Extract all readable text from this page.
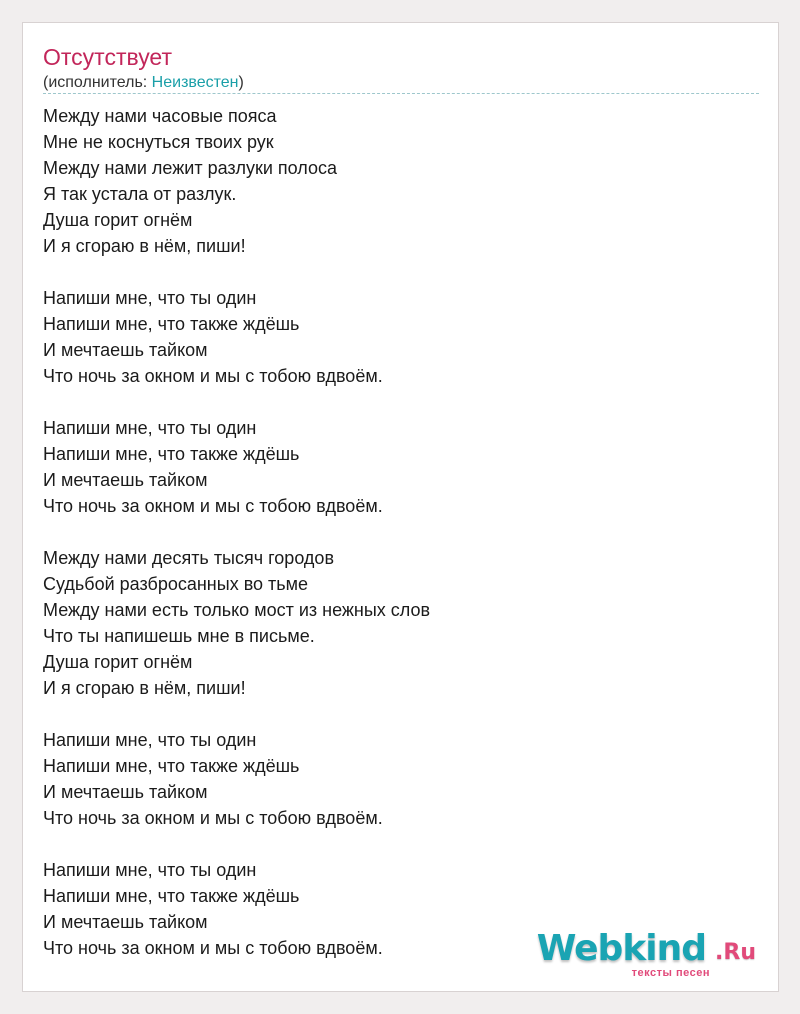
Отсутствует
(исполнитель: Неизвестен)
Между нами часовые пояса
Мне не коснуться твоих рук
Между нами лежит разлуки полоса
Я так устала от разлук.
Душа горит огнём
И я сгораю в нём, пиши!
Напиши мне, что ты один
Напиши мне, что также ждёшь
И мечтаешь тайком
Что ночь за окном и мы с тобою вдвоём.
Напиши мне, что ты один
Напиши мне, что также ждёшь
И мечтаешь тайком
Что ночь за окном и мы с тобою вдвоём.
Между нами десять тысяч городов
Судьбой разбросанных во тьме
Между нами есть только мост из нежных слов
Что ты напишешь мне в письме.
Душа горит огнём
И я сгораю в нём, пиши!
Напиши мне, что ты один
Напиши мне, что также ждёшь
И мечтаешь тайком
Что ночь за окном и мы с тобою вдвоём.
Напиши мне, что ты один
Напиши мне, что также ждёшь
И мечтаешь тайком
Что ночь за окном и мы с тобою вдвоём.	Webkind .Ru
тексты песен
